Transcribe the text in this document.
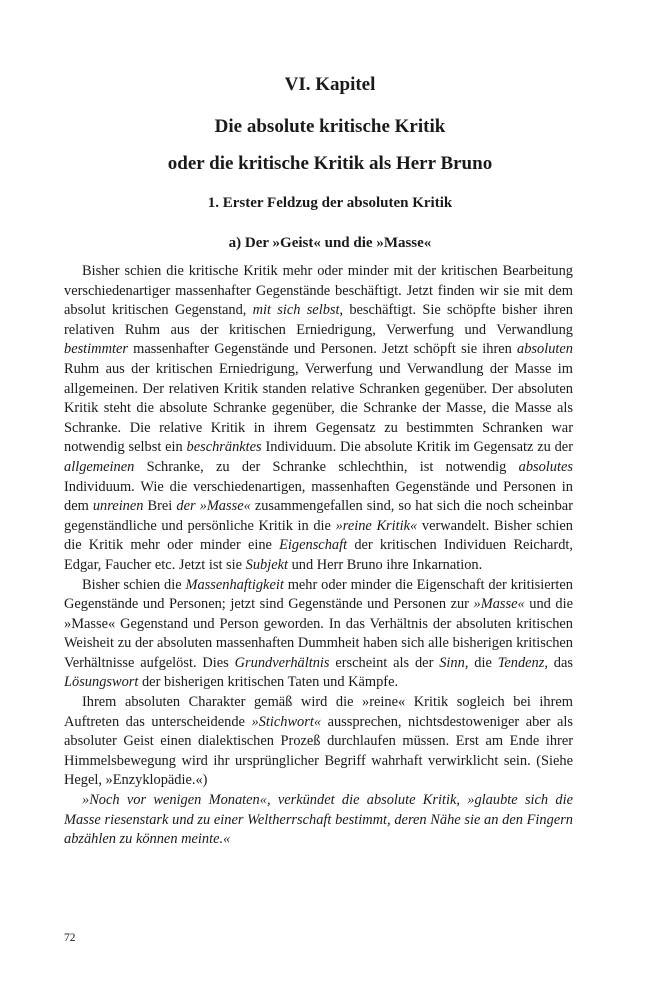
VI. Kapitel
Die absolute kritische Kritik
oder die kritische Kritik als Herr Bruno
1. Erster Feldzug der absoluten Kritik
a) Der »Geist« und die »Masse«

Bisher schien die kritische Kritik mehr oder minder mit der kritischen Bearbeitung verschiedenartiger massenhafter Gegenstände beschäftigt. Jetzt finden wir sie mit dem absolut kritischen Gegenstand, mit sich selbst, beschäftigt. Sie schöpfte bisher ihren relativen Ruhm aus der kritischen Erniedrigung, Verwerfung und Verwandlung bestimmter massenhafter Gegenstände und Personen. Jetzt schöpft sie ihren absoluten Ruhm aus der kritischen Erniedrigung, Verwerfung und Verwandlung der Masse im allgemeinen. Der relativen Kritik standen relative Schranken gegenüber. Der absoluten Kritik steht die absolute Schranke gegenüber, die Schranke der Masse, die Masse als Schranke. Die relative Kritik in ihrem Gegensatz zu bestimmten Schranken war notwendig selbst ein beschränktes Individuum. Die absolute Kritik im Gegensatz zu der allgemeinen Schranke, zu der Schranke schlechthin, ist notwendig absolutes Individuum. Wie die verschiedenartigen, massenhaften Gegenstände und Personen in dem unreinen Brei der »Masse« zusammengefallen sind, so hat sich die noch scheinbar gegenständliche und persönliche Kritik in die »reine Kritik« verwandelt. Bisher schien die Kritik mehr oder minder eine Eigenschaft der kritischen Individuen Reichardt, Edgar, Faucher etc. Jetzt ist sie Subjekt und Herr Bruno ihre Inkarnation.

Bisher schien die Massenhaftigkeit mehr oder minder die Eigenschaft der kritisierten Gegenstände und Personen; jetzt sind Gegenstände und Personen zur »Masse« und die »Masse« Gegenstand und Person geworden. In das Verhältnis der absoluten kritischen Weisheit zu der absoluten massenhaften Dummheit haben sich alle bisherigen kritischen Verhältnisse aufgelöst. Dies Grundverhältnis erscheint als der Sinn, die Tendenz, das Lösungswort der bisherigen kritischen Taten und Kämpfe.

Ihrem absoluten Charakter gemäß wird die »reine« Kritik sogleich bei ihrem Auftreten das unterscheidende »Stichwort« aussprechen, nichtsdestoweniger aber als absoluter Geist einen dialektischen Prozeß durchlaufen müssen. Erst am Ende ihrer Himmelsbewegung wird ihr ursprünglicher Begriff wahrhaft verwirklicht sein. (Siehe Hegel, »Enzyklopädie.«)

»Noch vor wenigen Monaten«, verkündet die absolute Kritik, »glaubte sich die Masse riesenstark und zu einer Weltherrschaft bestimmt, deren Nähe sie an den Fingern abzählen zu können meinte.«

72
